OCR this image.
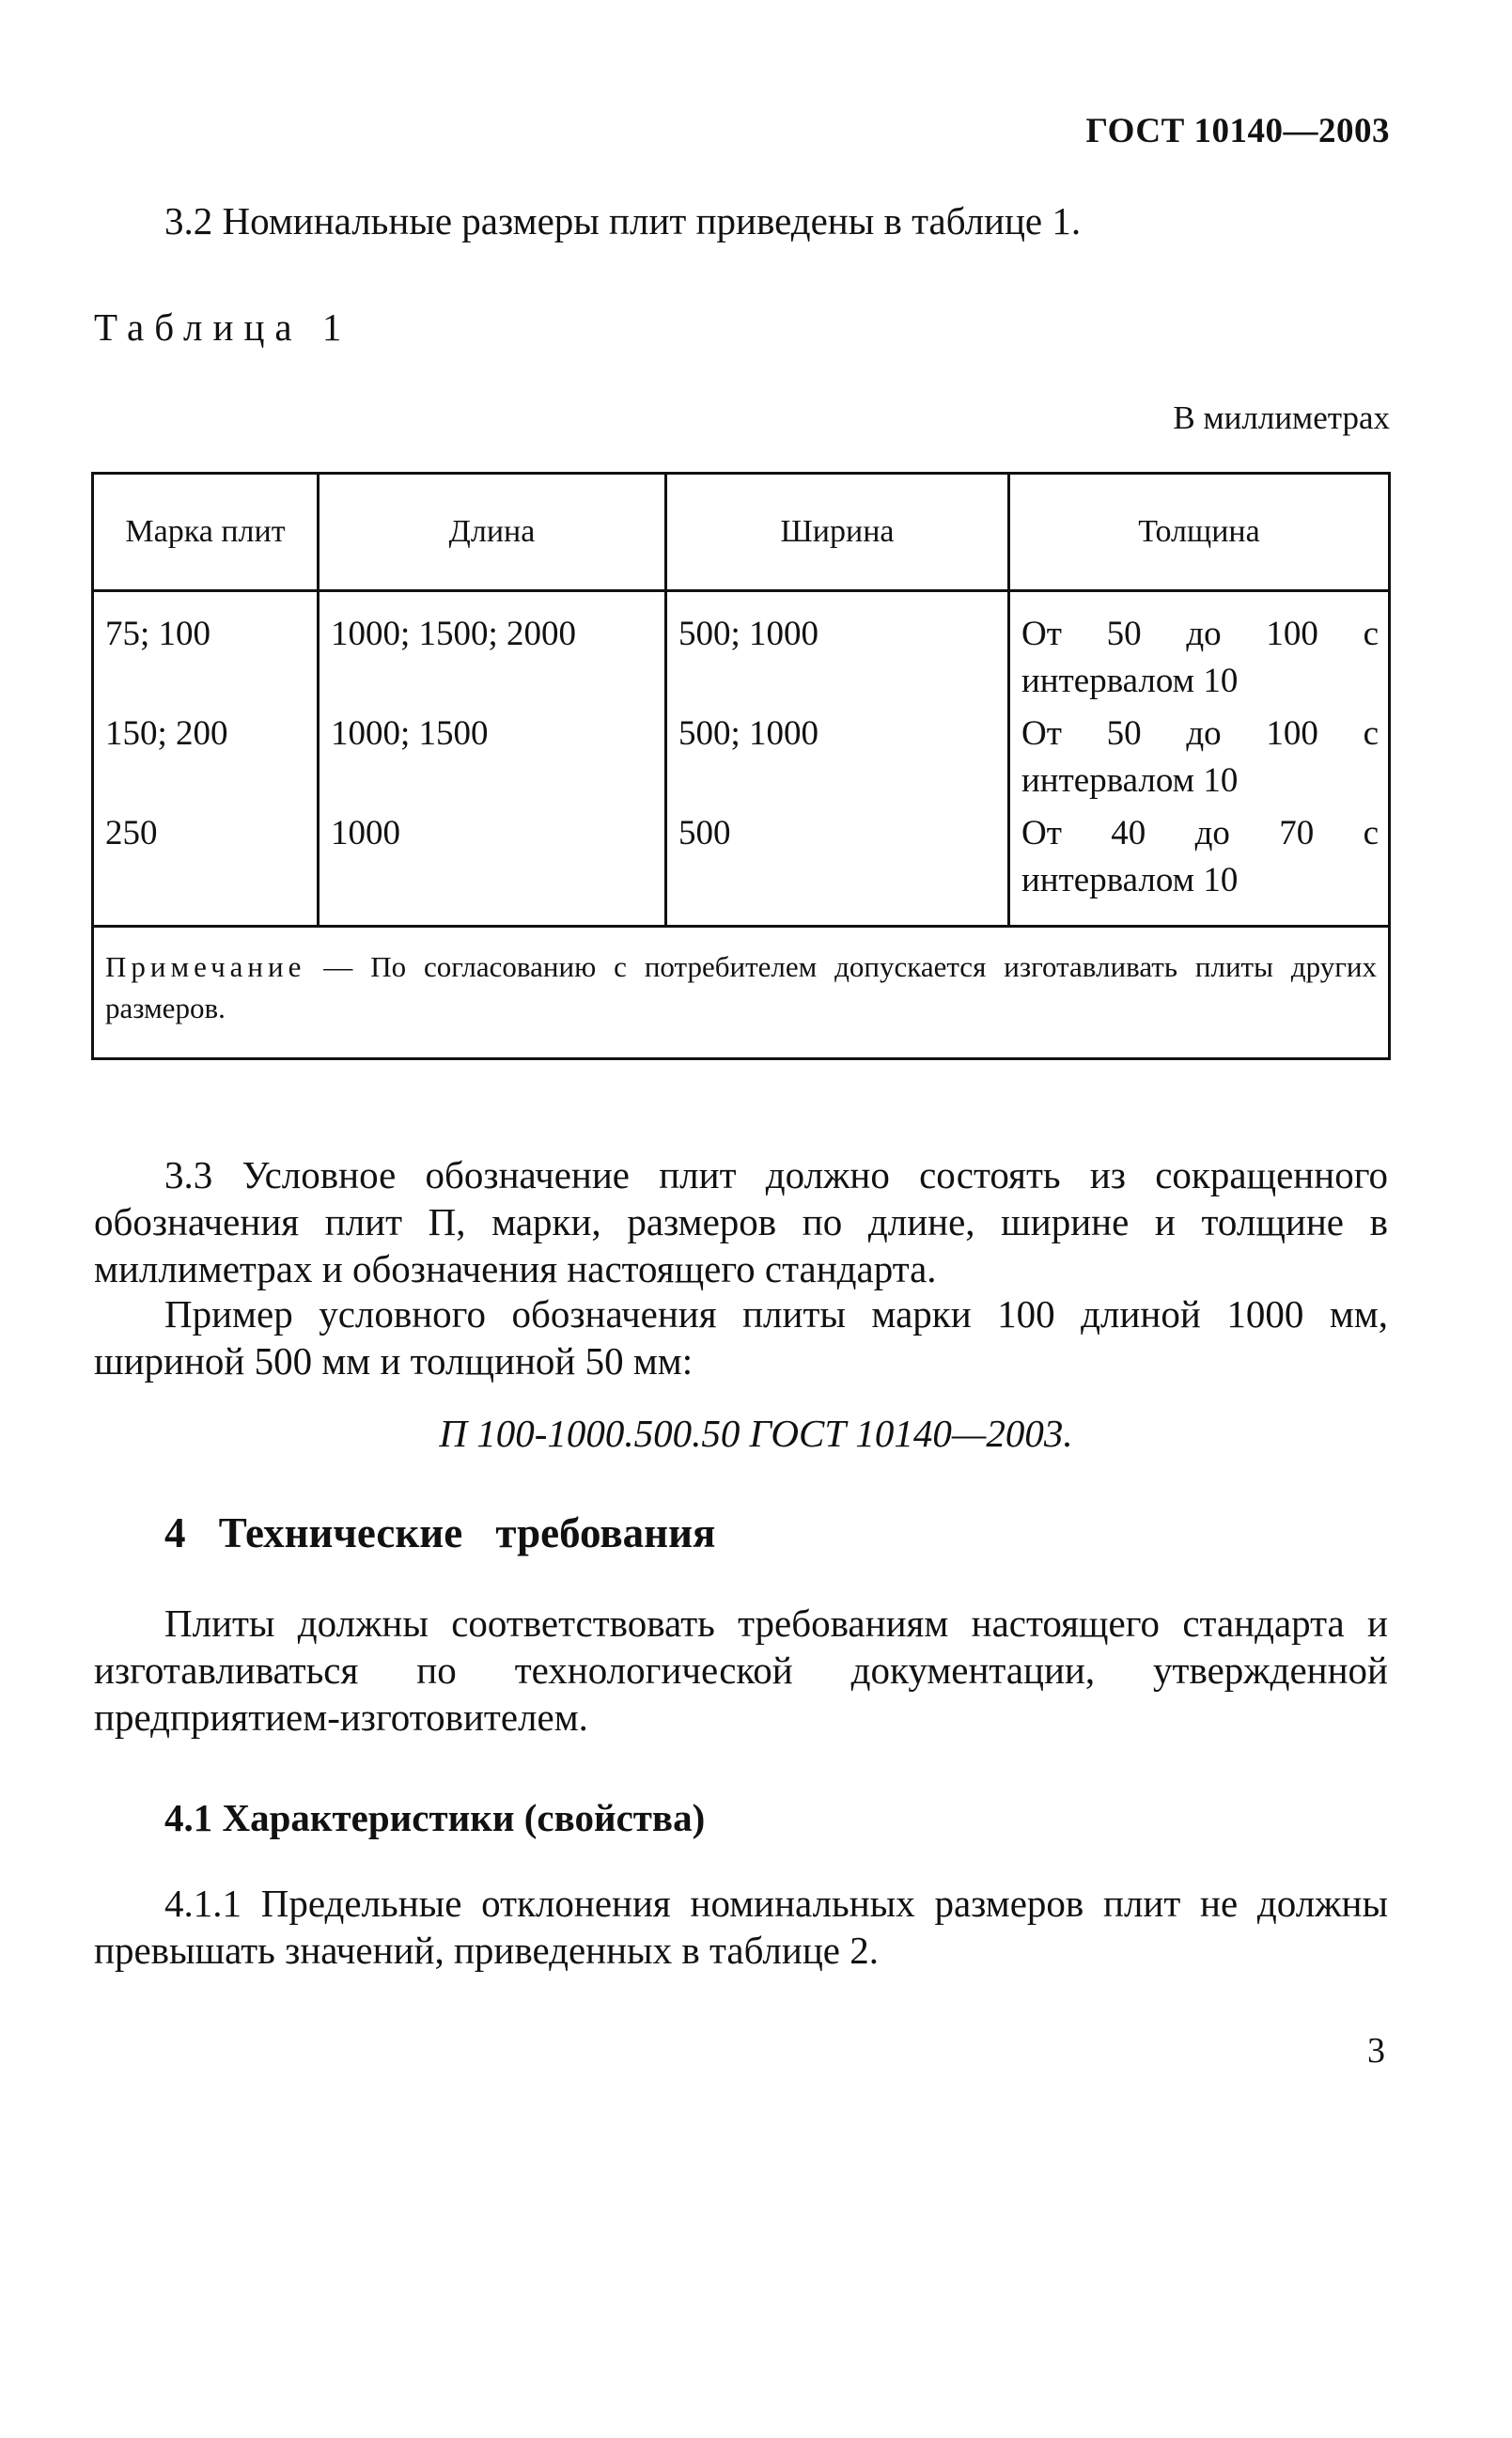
ГОСТ 10140—2003
3.2 Номинальные размеры плит приведены в таблице 1.
Таблица 1
В миллиметрах
Марка плит	Длина	Ширина	Толщина
75; 100	1000; 1500; 2000	500; 1000	От 50 до 100 с интервалом 10
150; 200	1000; 1500	500; 1000	От 50 до 100 с интервалом 10
250	1000	500	От 40 до 70 с интервалом 10
Примечание — По согласованию с потребителем допускается изготавливать плиты других размеров.			
3.3 Условное обозначение плит должно состоять из сокращенного обозначения плит П, марки, размеров по длине, ширине и толщине в миллиметрах и обозначения настоящего стандарта.
Пример условного обозначения плиты марки 100 длиной 1000 мм, шириной 500 мм и толщиной 50 мм:
П 100-1000.500.50 ГОСТ 10140—2003.
4 Технические требования
Плиты должны соответствовать требованиям настоящего стандарта и изготавливаться по технологической документации, утвержденной предприятием-изготовителем.
4.1 Характеристики (свойства)
4.1.1 Предельные отклонения номинальных размеров плит не должны превышать значений, приведенных в таблице 2.
3
